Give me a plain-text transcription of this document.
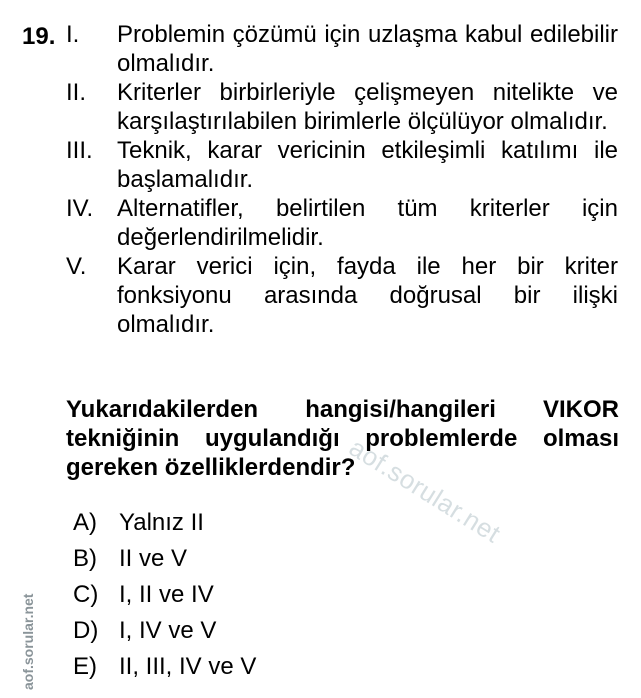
19. I.	Problemin çözümü için uzlaşma kabul edilebilir olmalıdır.
II.	Kriterler birbirleriyle çelişmeyen nitelikte ve karşılaştırılabilen birimlerle ölçülüyor olmalıdır.
III.	Teknik, karar vericinin etkileşimli katılımı ile başlamalıdır.
IV. Alternatifler, belirtilen tüm kriterler için değerlendirilmelidir.
V.	Karar verici için, fayda ile her bir kriter fonksiyonu arasında doğrusal bir ilişki olmalıdır.
Yukarıdakilerden hangisi/hangileri VIKOR tekniğinin uygulandığı problemlerde olması gereken özelliklerdendir?
A) Yalnız II
B) II ve V
C) I, II ve IV
D) I, IV ve V
E) II, III, IV ve V
aof.sorular.net
aof.sorular.net
